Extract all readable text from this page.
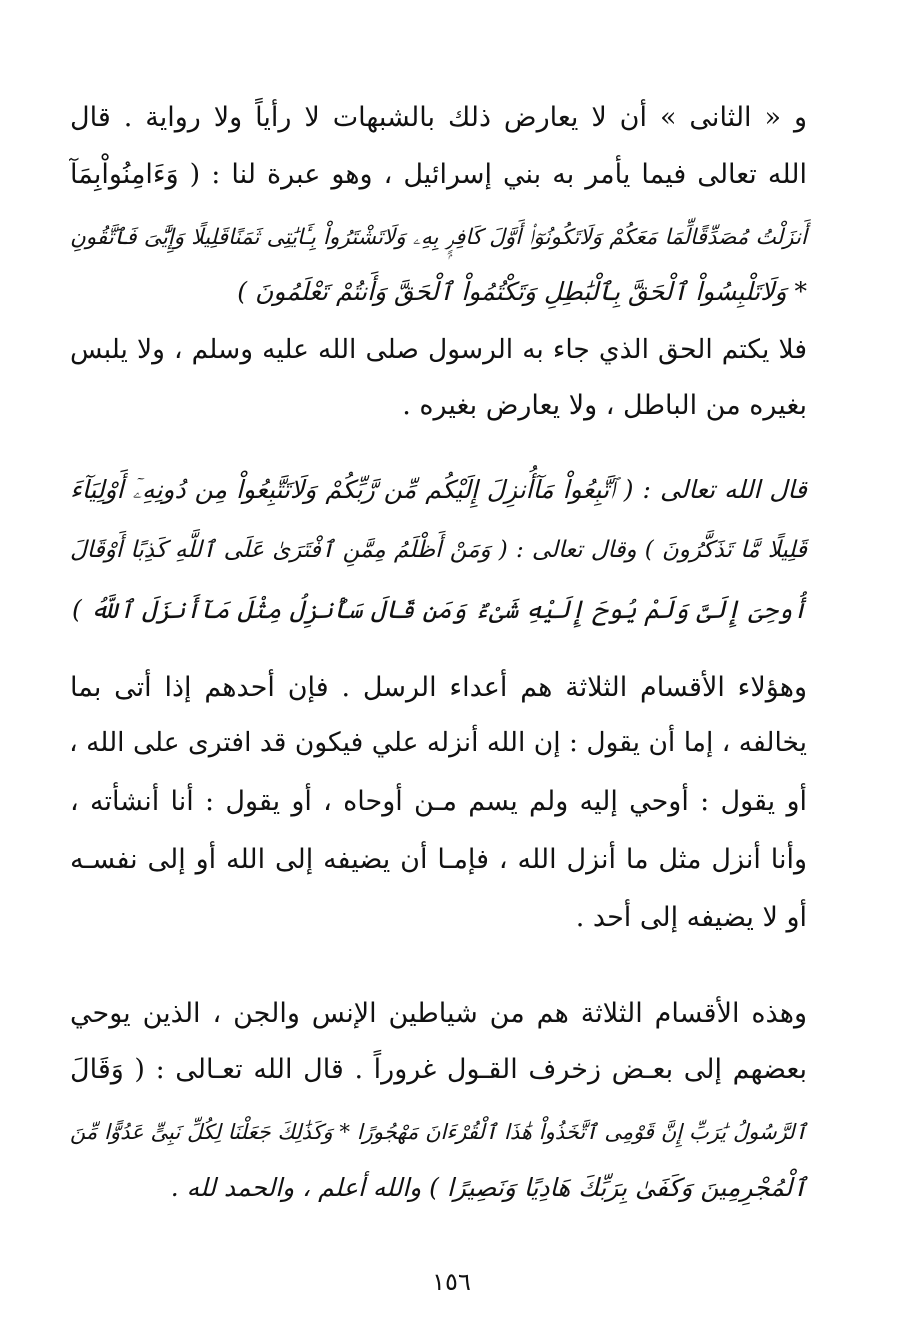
و « الثانى » أن لا يعارض ذلك بالشبهات لا رأياً ولا رواية . قال
الله تعالى فيما يأمر به بني إسرائيل ، وهو عبرة لنا : ( وَءَامِنُواْبِمَآ
أَنزَلْتُ مُصَدِّقًالِّمَا مَعَكُمْ وَلَاتَكُونُوٓا۟ أَوَّلَ كَافِرٍۭ بِهِۦ وَلَاتَشْتَرُواْ بِـَٔايَٰتِى ثَمَنًاقَلِيلًا وَإِيَّٰىَ فَٱتَّقُونِ
* وَلَاتَلْبِسُواْ ٱلْحَقَّ بِٱلْبَٰطِلِ وَتَكْتُمُواْ ٱلْحَقَّ وَأَنتُمْ تَعْلَمُونَ )
فلا يكتم الحق الذي جاء به الرسول صلى الله عليه وسلم ، ولا يلبس
بغيره من الباطل ، ولا يعارض بغيره .
قال الله تعالى : ( ٱتَّبِعُواْ مَآأُنزِلَ إِلَيْكُم مِّن رَّبِّكُمْ وَلَاتَتَّبِعُواْ مِن دُونِهِۦٓ أَوْلِيَآءَ
قَلِيلًا مَّا تَذَكَّرُونَ ) وقال تعالى : ( وَمَنْ أَظْلَمُ مِمَّنِ ٱفْتَرَىٰ عَلَى ٱللَّهِ كَذِبًا أَوْقَالَ
أُوحِىَ إِلَىَّ وَلَمْ يُوحَ إِلَيْهِ شَىْءٌ وَمَن قَالَ سَأُنزِلُ مِثْلَ مَآأَنزَلَ ٱللَّهُ )
وهؤلاء الأقسام الثلاثة هم أعداء الرسل . فإن أحدهم إذا أتى بما
يخالفه ، إما أن يقول : إن الله أنزله علي فيكون قد افترى على الله ،
أو يقول : أوحي إليه ولم يسم مـن أوحاه ، أو يقول : أنا أنشأته ،
وأنا أنزل مثل ما أنزل الله ، فإمـا أن يضيفه إلى الله أو إلى نفسـه
أو لا يضيفه إلى أحد .
وهذه الأقسام الثلاثة هم من شياطين الإنس والجن ، الذين يوحي
بعضهم إلى بعـض زخرف القـول غروراً . قال الله تعـالى : ( وَقَالَ
ٱلرَّسُولُ يَٰرَبِّ إِنَّ قَوْمِى ٱتَّخَذُواْ هَٰذَا ٱلْقُرْءَانَ مَهْجُورًا * وَكَذَٰلِكَ جَعَلْنَا لِكُلِّ نَبِىٍّ عَدُوًّا مِّنَ
ٱلْمُجْرِمِينَ وَكَفَىٰ بِرَبِّكَ هَادِيًا وَنَصِيرًا ) والله أعلم ، والحمد لله .
١٥٦
